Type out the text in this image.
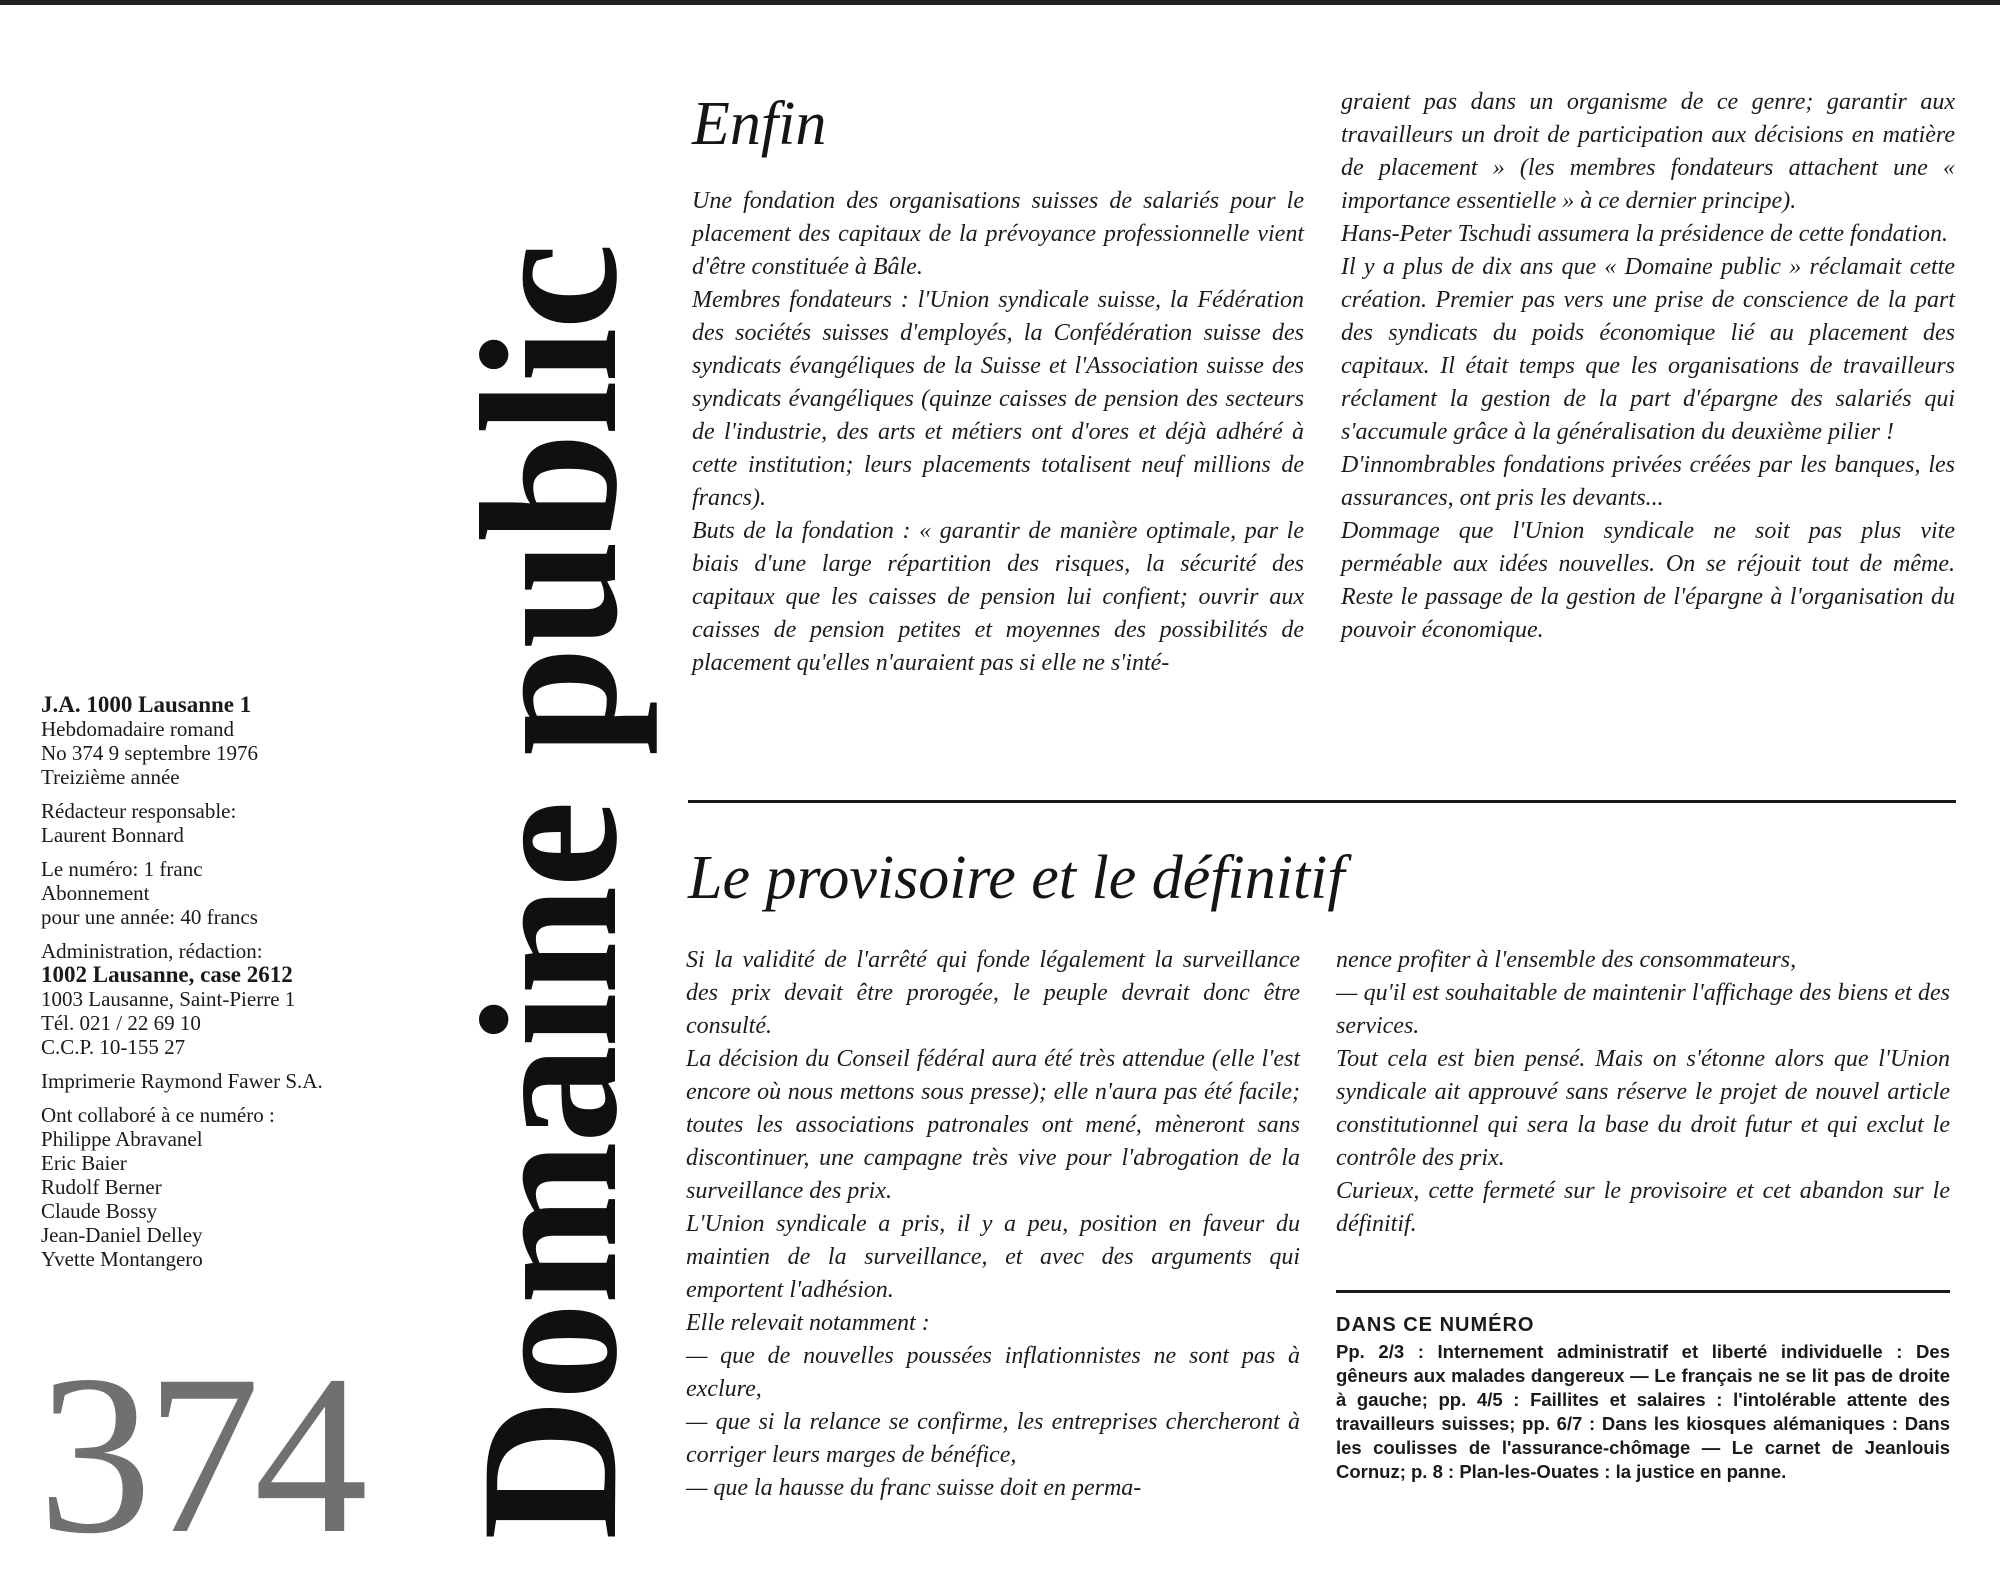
J.A. 1000 Lausanne 1
Hebdomadaire romand
No 374 9 septembre 1976
Treizième année
Rédacteur responsable:
Laurent Bonnard
Le numéro: 1 franc
Abonnement
pour une année: 40 francs
Administration, rédaction:
1002 Lausanne, case 2612
1003 Lausanne, Saint-Pierre 1
Tél. 021 / 22 69 10
C.C.P. 10-155 27
Imprimerie Raymond Fawer S.A.
Ont collaboré à ce numéro :
Philippe Abravanel
Eric Baier
Rudolf Berner
Claude Bossy
Jean-Daniel Delley
Yvette Montangero
374 Domaine public
Enfin

Une fondation des organisations suisses de salariés pour le placement des capitaux de la prévoyance professionnelle vient d'être constituée à Bâle.

Membres fondateurs : l'Union syndicale suisse, la Fédération des sociétés suisses d'employés, la Confédération suisse des syndicats évangéliques de la Suisse et l'Association suisse des syndicats évangéliques (quinze caisses de pension des secteurs de l'industrie, des arts et métiers ont d'ores et déjà adhéré à cette institution; leurs placements totalisent neuf millions de francs).

Buts de la fondation : « garantir de manière optimale, par le biais d'une large répartition des risques, la sécurité des capitaux que les caisses de pension lui confient; ouvrir aux caisses de pension petites et moyennes des possibilités de placement qu'elles n'auraient pas si elle ne s'inté-

graient pas dans un organisme de ce genre; garantir aux travailleurs un droit de participation aux décisions en matière de placement » (les membres fondateurs attachent une « importance essentielle » à ce dernier principe).

Hans-Peter Tschudi assumera la présidence de cette fondation.

Il y a plus de dix ans que « Domaine public » réclamait cette création. Premier pas vers une prise de conscience de la part des syndicats du poids économique lié au placement des capitaux. Il était temps que les organisations de travailleurs réclament la gestion de la part d'épargne des salariés qui s'accumule grâce à la généralisation du deuxième pilier !

D'innombrables fondations privées créées par les banques, les assurances, ont pris les devants...

Dommage que l'Union syndicale ne soit pas plus vite perméable aux idées nouvelles. On se réjouit tout de même. Reste le passage de la gestion de l'épargne à l'organisation du pouvoir économique.

Le provisoire et le définitif

Si la validité de l'arrêté qui fonde légalement la surveillance des prix devait être prorogée, le peuple devrait donc être consulté.

La décision du Conseil fédéral aura été très attendue (elle l'est encore où nous mettons sous presse); elle n'aura pas été facile; toutes les associations patronales ont mené, mèneront sans discontinuer, une campagne très vive pour l'abrogation de la surveillance des prix.

L'Union syndicale a pris, il y a peu, position en faveur du maintien de la surveillance, et avec des arguments qui emportent l'adhésion.

Elle relevait notamment :

— que de nouvelles poussées inflationnistes ne sont pas à exclure,

— que si la relance se confirme, les entreprises chercheront à corriger leurs marges de bénéfice,

— que la hausse du franc suisse doit en perma-

nence profiter à l'ensemble des consommateurs,

— qu'il est souhaitable de maintenir l'affichage des biens et des services.

Tout cela est bien pensé. Mais on s'étonne alors que l'Union syndicale ait approuvé sans réserve le projet de nouvel article constitutionnel qui sera la base du droit futur et qui exclut le contrôle des prix.

Curieux, cette fermeté sur le provisoire et cet abandon sur le définitif.

DANS CE NUMÉRO
Pp. 2/3 : Internement administratif et liberté individuelle : Des gêneurs aux malades dangereux — Le français ne se lit pas de droite à gauche; pp. 4/5 : Faillites et salaires : l'intolérable attente des travailleurs suisses; pp. 6/7 : Dans les kiosques alémaniques : Dans les coulisses de l'assurance-chômage — Le carnet de Jeanlouis Cornuz; p. 8 : Plan-les-Ouates : la justice en panne.
